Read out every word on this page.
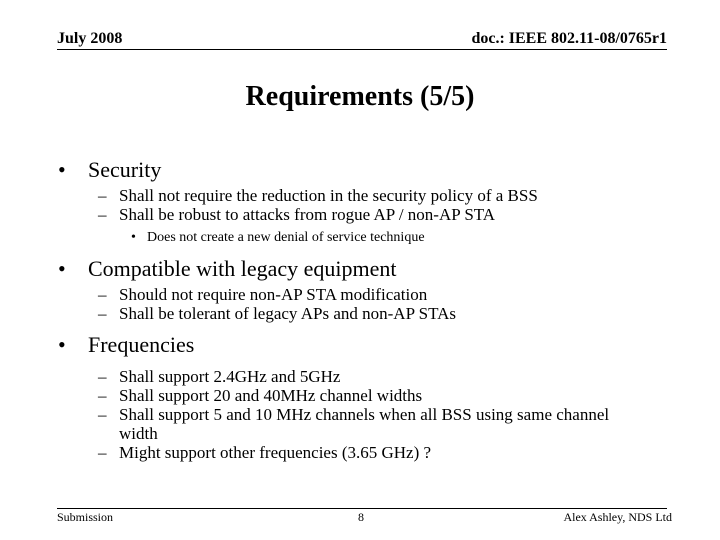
July 2008	doc.: IEEE 802.11-08/0765r1
Requirements (5/5)
• Security
– Shall not require the reduction in the security policy of a BSS
– Shall be robust to attacks from rogue AP / non-AP STA
• Does not create a new denial of service technique
• Compatible with legacy equipment
– Should not require non-AP STA modification
– Shall be tolerant of legacy APs and non-AP STAs
• Frequencies
– Shall support 2.4GHz and 5GHz
– Shall support 20 and 40MHz channel widths
– Shall support 5 and 10 MHz channels when all BSS using same channel width
– Might support other frequencies (3.65 GHz) ?
Submission	8	Alex Ashley, NDS Ltd
